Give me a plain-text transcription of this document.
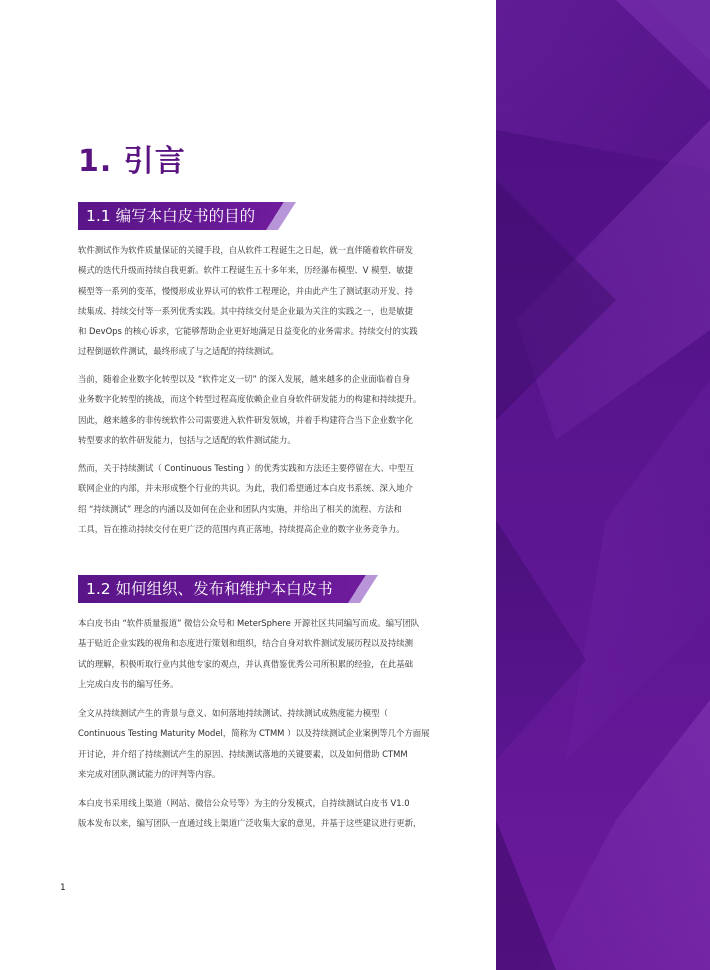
1. 引言
1.1 编写本白皮书的目的
软件测试作为软件质量保证的关键手段，自从软件工程诞生之日起，就一直伴随着软件研发
模式的迭代升级而持续自我更新。软件工程诞生五十多年来，历经瀑布模型、V 模型、敏捷
模型等一系列的变革，慢慢形成业界认可的软件工程理论，并由此产生了测试驱动开发、持
续集成、持续交付等一系列优秀实践。其中持续交付是企业最为关注的实践之一，也是敏捷
和 DevOps 的核心诉求，它能够帮助企业更好地满足日益变化的业务需求。持续交付的实践
过程倒逼软件测试，最终形成了与之适配的持续测试。
当前，随着企业数字化转型以及 “软件定义一切” 的深入发展，越来越多的企业面临着自身
业务数字化转型的挑战，而这个转型过程高度依赖企业自身软件研发能力的构建和持续提升。
因此，越来越多的非传统软件公司需要进入软件研发领域，并着手构建符合当下企业数字化
转型要求的软件研发能力，包括与之适配的软件测试能力。
然而，关于持续测试（ Continuous Testing ）的优秀实践和方法还主要停留在大、中型互
联网企业的内部，并未形成整个行业的共识。为此，我们希望通过本白皮书系统、深入地介
绍 “持续测试” 理念的内涵以及如何在企业和团队内实施，并给出了相关的流程、方法和
工具，旨在推动持续交付在更广泛的范围内真正落地，持续提高企业的数字业务竞争力。
1.2 如何组织、发布和维护本白皮书
本白皮书由 “软件质量报道” 微信公众号和 MeterSphere 开源社区共同编写而成。编写团队
基于贴近企业实践的视角和态度进行策划和组织，结合自身对软件测试发展历程以及持续测
试的理解，积极听取行业内其他专家的观点，并认真借鉴优秀公司所积累的经验，在此基础
上完成白皮书的编写任务。
全文从持续测试产生的背景与意义、如何落地持续测试、持续测试成熟度能力模型（
Continuous Testing Maturity Model，简称为 CTMM ）以及持续测试企业案例等几个方面展
开讨论，并介绍了持续测试产生的原因、持续测试落地的关键要素，以及如何借助 CTMM
来完成对团队测试能力的评判等内容。
本白皮书采用线上渠道（网站、微信公众号等）为主的分发模式，自持续测试白皮书 V1.0
版本发布以来，编写团队一直通过线上渠道广泛收集大家的意见，并基于这些建议进行更新，
1
